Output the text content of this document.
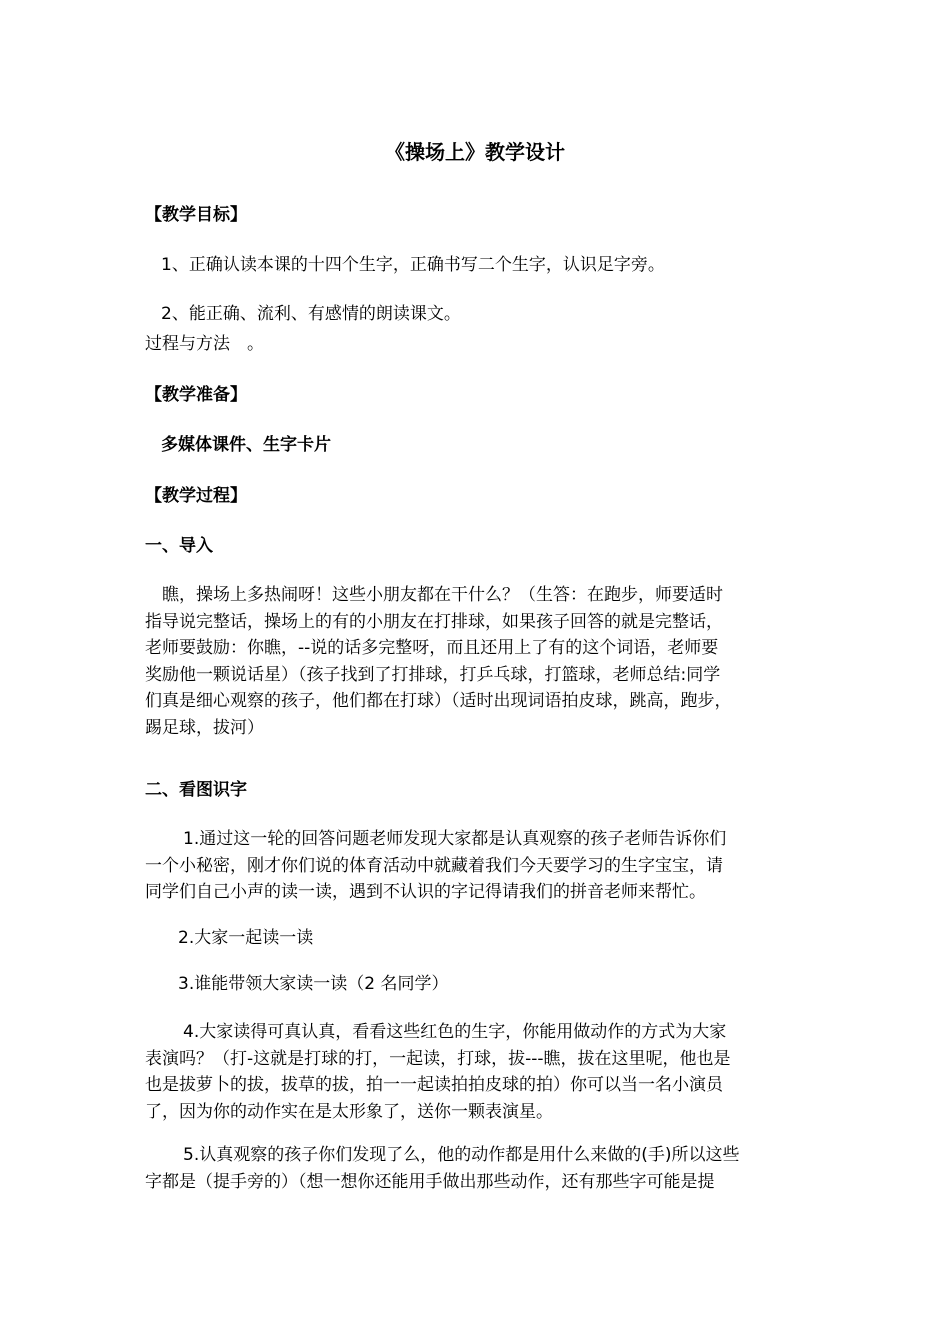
《操场上》教学设计
【教学目标】
1、正确认读本课的十四个生字，正确书写二个生字，认识足字旁。
2、能正确、流利、有感情的朗读课文。
过程与方法　。
【教学准备】
多媒体课件、生字卡片
【教学过程】
一、导入
瞧，操场上多热闹呀！这些小朋友都在干什么？（生答：在跑步，师要适时
指导说完整话，操场上的有的小朋友在打排球，如果孩子回答的就是完整话，
老师要鼓励：你瞧，--说的话多完整呀，而且还用上了有的这个词语，老师要
奖励他一颗说话星）（孩子找到了打排球，打乒乓球，打篮球，老师总结:同学
们真是细心观察的孩子，他们都在打球）（适时出现词语拍皮球，跳高，跑步，
踢足球，拔河）
二、看图识字
1.通过这一轮的回答问题老师发现大家都是认真观察的孩子老师告诉你们
一个小秘密，刚才你们说的体育活动中就藏着我们今天要学习的生字宝宝，请
同学们自己小声的读一读，遇到不认识的字记得请我们的拼音老师来帮忙。
2.大家一起读一读
3.谁能带领大家读一读（2 名同学）
4.大家读得可真认真，看看这些红色的生字，你能用做动作的方式为大家
表演吗？（打-这就是打球的打，一起读，打球，拔---瞧，拔在这里呢，他也是
也是拔萝卜的拔，拔草的拔，拍一一起读拍拍皮球的拍）你可以当一名小演员
了，因为你的动作实在是太形象了，送你一颗表演星。
5.认真观察的孩子你们发现了么，他的动作都是用什么来做的(手)所以这些
字都是（提手旁的）（想一想你还能用手做出那些动作，还有那些字可能是提
